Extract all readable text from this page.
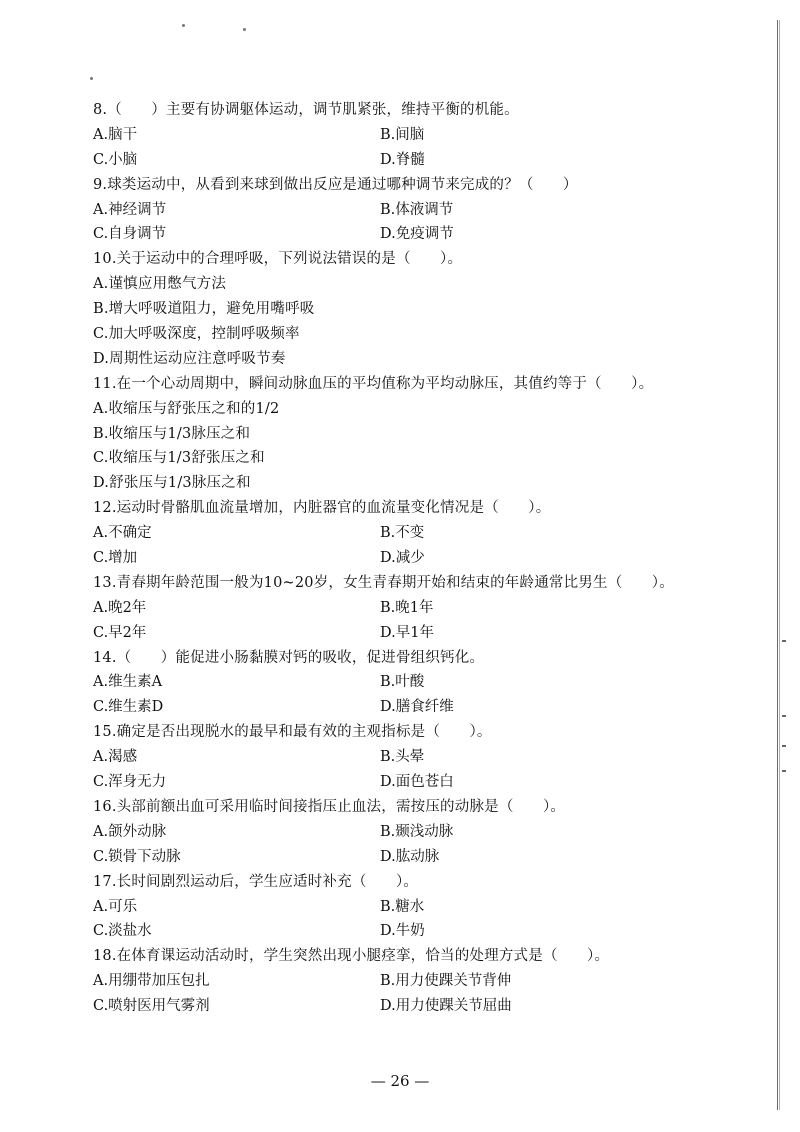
8.（　　）主要有协调躯体运动，调节肌紧张，维持平衡的机能。
A.脑干	B.间脑
C.小脑	D.脊髓
9.球类运动中，从看到来球到做出反应是通过哪种调节来完成的？（　　）
A.神经调节	B.体液调节
C.自身调节	D.免疫调节
10.关于运动中的合理呼吸，下列说法错误的是（　　）。
A.谨慎应用憋气方法
B.增大呼吸道阻力，避免用嘴呼吸
C.加大呼吸深度，控制呼吸频率
D.周期性运动应注意呼吸节奏
11.在一个心动周期中，瞬间动脉血压的平均值称为平均动脉压，其值约等于（　　）。
A.收缩压与舒张压之和的1/2
B.收缩压与1/3脉压之和
C.收缩压与1/3舒张压之和
D.舒张压与1/3脉压之和
12.运动时骨骼肌血流量增加，内脏器官的血流量变化情况是（　　）。
A.不确定	B.不变
C.增加	D.减少
13.青春期年龄范围一般为10~20岁，女生青春期开始和结束的年龄通常比男生（　　）。
A.晚2年	B.晚1年
C.早2年	D.早1年
14.（　　）能促进小肠黏膜对钙的吸收，促进骨组织钙化。
A.维生素A	B.叶酸
C.维生素D	D.膳食纤维
15.确定是否出现脱水的最早和最有效的主观指标是（　　）。
A.渴感	B.头晕
C.浑身无力	D.面色苍白
16.头部前额出血可采用临时间接指压止血法，需按压的动脉是（　　）。
A.颌外动脉	B.颞浅动脉
C.锁骨下动脉	D.肱动脉
17.长时间剧烈运动后，学生应适时补充（　　）。
A.可乐	B.糖水
C.淡盐水	D.牛奶
18.在体育课运动活动时，学生突然出现小腿痉挛，恰当的处理方式是（　　）。
A.用绷带加压包扎	B.用力使踝关节背伸
C.喷射医用气雾剂	D.用力使踝关节屈曲
— 26 —
